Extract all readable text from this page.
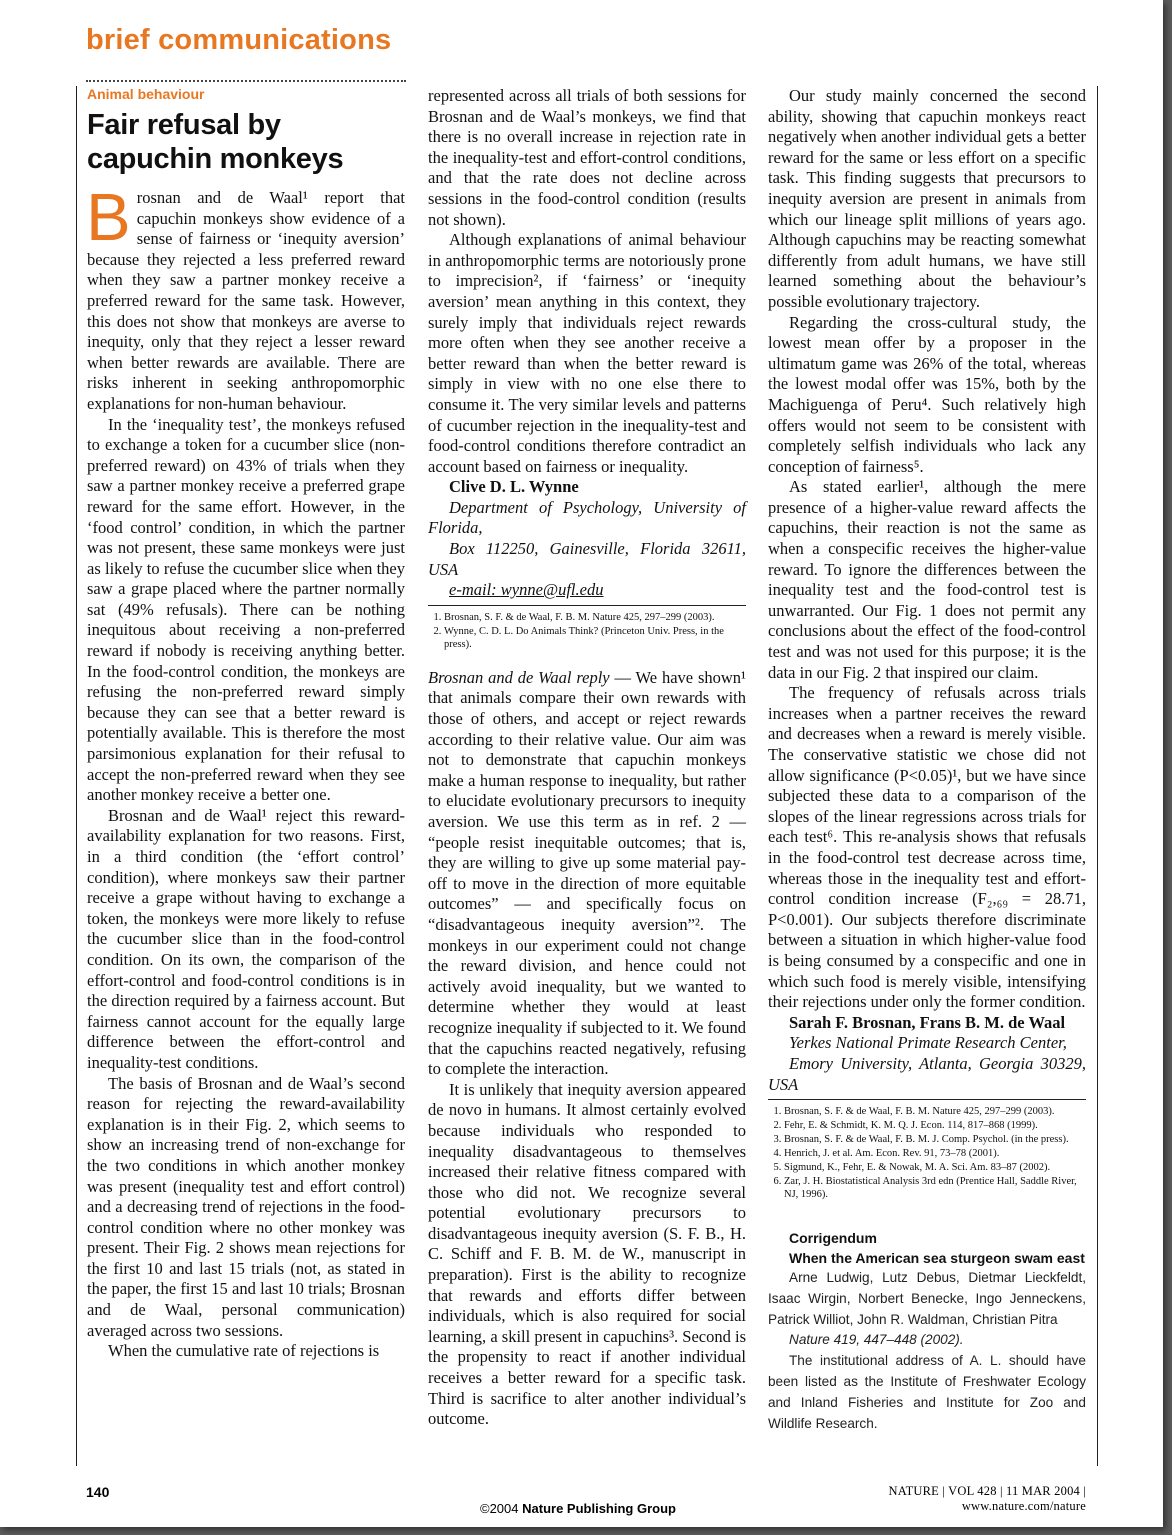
brief communications
Animal behaviour
Fair refusal by capuchin monkeys

Brosnan and de Waal¹ report that capuchin monkeys show evidence of a sense of fairness or ‘inequity aversion’ because they rejected a less preferred reward when they saw a partner monkey receive a preferred reward for the same task. However, this does not show that monkeys are averse to inequity, only that they reject a lesser reward when better rewards are available. There are risks inherent in seeking anthropomorphic explanations for non-human behaviour.

In the ‘inequality test’, the monkeys refused to exchange a token for a cucumber slice (non-preferred reward) on 43% of trials when they saw a partner monkey receive a preferred grape reward for the same effort. However, in the ‘food control’ condition, in which the partner was not present, these same monkeys were just as likely to refuse the cucumber slice when they saw a grape placed where the partner normally sat (49% refusals). There can be nothing inequitous about receiving a non-preferred reward if nobody is receiving anything better. In the food-control condition, the monkeys are refusing the non-preferred reward simply because they can see that a better reward is potentially available. This is therefore the most parsimonious explanation for their refusal to accept the non-preferred reward when they see another monkey receive a better one.

Brosnan and de Waal¹ reject this reward-availability explanation for two reasons. First, in a third condition (the ‘effort control’ condition), where monkeys saw their partner receive a grape without having to exchange a token, the monkeys were more likely to refuse the cucumber slice than in the food-control condition. On its own, the comparison of the effort-control and food-control conditions is in the direction required by a fairness account. But fairness cannot account for the equally large difference between the effort-control and inequality-test conditions.

The basis of Brosnan and de Waal’s second reason for rejecting the reward-availability explanation is in their Fig. 2, which seems to show an increasing trend of non-exchange for the two conditions in which another monkey was present (inequality test and effort control) and a decreasing trend of rejections in the food-control condition where no other monkey was present. Their Fig. 2 shows mean rejections for the first 10 and last 15 trials (not, as stated in the paper, the first 15 and last 10 trials; Brosnan and de Waal, personal communication) averaged across two sessions.

When the cumulative rate of rejections is

represented across all trials of both sessions for Brosnan and de Waal’s monkeys, we find that there is no overall increase in rejection rate in the inequality-test and effort-control conditions, and that the rate does not decline across sessions in the food-control condition (results not shown).

Although explanations of animal behaviour in anthropomorphic terms are notoriously prone to imprecision², if ‘fairness’ or ‘inequity aversion’ mean anything in this context, they surely imply that individuals reject rewards more often when they see another receive a better reward than when the better reward is simply in view with no one else there to consume it. The very similar levels and patterns of cucumber rejection in the inequality-test and food-control conditions therefore contradict an account based on fairness or inequality.

Clive D. L. Wynne

Department of Psychology, University of Florida,

Box 112250, Gainesville, Florida 32611, USA

e-mail: wynne@ufl.edu

1. Brosnan, S. F. & de Waal, F. B. M. Nature 425, 297–299 (2003).
2. Wynne, C. D. L. Do Animals Think? (Princeton Univ. Press, in the press).

Brosnan and de Waal reply — We have shown¹ that animals compare their own rewards with those of others, and accept or reject rewards according to their relative value. Our aim was not to demonstrate that capuchin monkeys make a human response to inequality, but rather to elucidate evolutionary precursors to inequity aversion. We use this term as in ref. 2 — “people resist inequitable outcomes; that is, they are willing to give up some material pay-off to move in the direction of more equitable outcomes” — and specifically focus on “disadvantageous inequity aversion”². The monkeys in our experiment could not change the reward division, and hence could not actively avoid inequality, but we wanted to determine whether they would at least recognize inequality if subjected to it. We found that the capuchins reacted negatively, refusing to complete the interaction.

It is unlikely that inequity aversion appeared de novo in humans. It almost certainly evolved because individuals who responded to inequality disadvantageous to themselves increased their relative fitness compared with those who did not. We recognize several potential evolutionary precursors to disadvantageous inequity aversion (S. F. B., H. C. Schiff and F. B. M. de W., manuscript in preparation). First is the ability to recognize that rewards and efforts differ between individuals, which is also required for social learning, a skill present in capuchins³. Second is the propensity to react if another individual receives a better reward for a specific task. Third is sacrifice to alter another individual’s outcome.

Our study mainly concerned the second ability, showing that capuchin monkeys react negatively when another individual gets a better reward for the same or less effort on a specific task. This finding suggests that precursors to inequity aversion are present in animals from which our lineage split millions of years ago. Although capuchins may be reacting somewhat differently from adult humans, we have still learned something about the behaviour’s possible evolutionary trajectory.

Regarding the cross-cultural study, the lowest mean offer by a proposer in the ultimatum game was 26% of the total, whereas the lowest modal offer was 15%, both by the Machiguenga of Peru⁴. Such relatively high offers would not seem to be consistent with completely selfish individuals who lack any conception of fairness⁵.

As stated earlier¹, although the mere presence of a higher-value reward affects the capuchins, their reaction is not the same as when a conspecific receives the higher-value reward. To ignore the differences between the inequality test and the food-control test is unwarranted. Our Fig. 1 does not permit any conclusions about the effect of the food-control test and was not used for this purpose; it is the data in our Fig. 2 that inspired our claim.

The frequency of refusals across trials increases when a partner receives the reward and decreases when a reward is merely visible. The conservative statistic we chose did not allow significance (P<0.05)¹, but we have since subjected these data to a comparison of the slopes of the linear regressions across trials for each test⁶. This re-analysis shows that refusals in the food-control test decrease across time, whereas those in the inequality test and effort-control condition increase (F₂,₆₉ = 28.71, P<0.001). Our subjects therefore discriminate between a situation in which higher-value food is being consumed by a conspecific and one in which such food is merely visible, intensifying their rejections under only the former condition.

Sarah F. Brosnan, Frans B. M. de Waal

Yerkes National Primate Research Center,

Emory University, Atlanta, Georgia 30329, USA

1. Brosnan, S. F. & de Waal, F. B. M. Nature 425, 297–299 (2003).
2. Fehr, E. & Schmidt, K. M. Q. J. Econ. 114, 817–868 (1999).
3. Brosnan, S. F. & de Waal, F. B. M. J. Comp. Psychol. (in the press).
4. Henrich, J. et al. Am. Econ. Rev. 91, 73–78 (2001).
5. Sigmund, K., Fehr, E. & Nowak, M. A. Sci. Am. 83–87 (2002).
6. Zar, J. H. Biostatistical Analysis 3rd edn (Prentice Hall, Saddle River, NJ, 1996).

Corrigendum

When the American sea sturgeon swam east

Arne Ludwig, Lutz Debus, Dietmar Lieckfeldt, Isaac Wirgin, Norbert Benecke, Ingo Jenneckens, Patrick Williot, John R. Waldman, Christian Pitra

Nature 419, 447–448 (2002).

The institutional address of A. L. should have been listed as the Institute of Freshwater Ecology and Inland Fisheries and Institute for Zoo and Wildlife Research.

140
©2004 Nature Publishing Group
NATURE | VOL 428 | 11 MAR 2004 | www.nature.com/nature
